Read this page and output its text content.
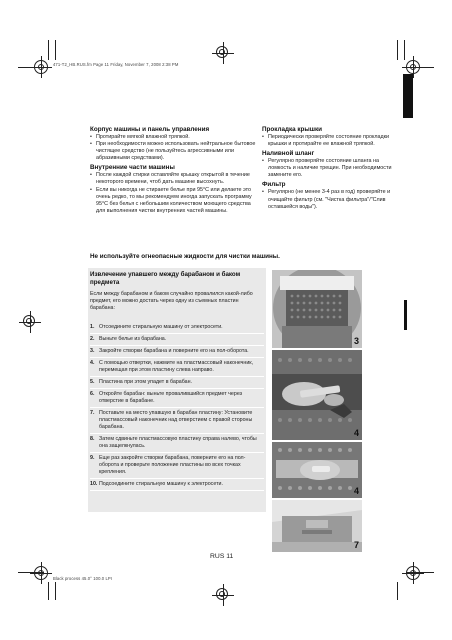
471-T2_HB.RUS.fm Page 11 Friday, November 7, 2008 2:38 PM
Black process 45.0° 100.0 LPI
Корпус машины и панель управления
• Протирайте мягкой влажной тряпкой.
• При необходимости можно использовать нейтральное бытовое чистящее средство (не пользуйтесь агрессивными или абразивными средствами).
Внутренние части машины
• После каждой стирки оставляйте крышку открытой в течение некоторого времени, чтоб дать машине высохнуть.
• Если вы никогда не стираете белье при 95°С или делаете это очень редко, то мы рекомендуем иногда запускать программу 95°С без белья с небольшим количеством моющего средства для выполнения чистки внутренних частей машины.
Прокладка крышки
• Периодически проверяйте состояние прокладки крышки и протирайте ее влажной тряпкой.
Наливной шланг
• Регулярно проверяйте состояние шланга на ломкость и наличие трещин. При необходимости замените его.
Фильтр
• Регулярно (не менее 3-4 раз в год) проверяйте и очищайте фильтр (см. "Чистка фильтра"/"Слив оставшейся воды").
Не используйте огнеопасные жидкости для чистки машины.
Извлечение упавшего между барабаном и баком предмета
Если между барабаном и баком случайно провалился какой-либо предмет, его можно достать через одну из съемных пластин барабана:
1. Отсоедините стиральную машину от электросети.
2. Выньте белье из барабана.
3. Закройте створки барабана и поверните его на пол-оборота.
4. С помощью отвертки, нажмите на пластмассовый наконечник, перемещая при этом пластину слева направо.
5. Пластина при этом упадет в барабан.
6. Откройте барабан: выньте провалившийся предмет через отверстие в барабане.
7. Поставьте на место упавшую в барабан пластину: Установите пластмассовый наконечник над отверстием с правой стороны барабана.
8. Затем сдвиньте пластмассовую пластину справа налево, чтобы она защелкнулась.
9. Еще раз закройте створки барабана, поверните его на пол-оборота и проверьте положение пластины во всех точках крепления.
10. Подсоедините стиральную машину к электросети.
3
4
4
7
RUS 11
